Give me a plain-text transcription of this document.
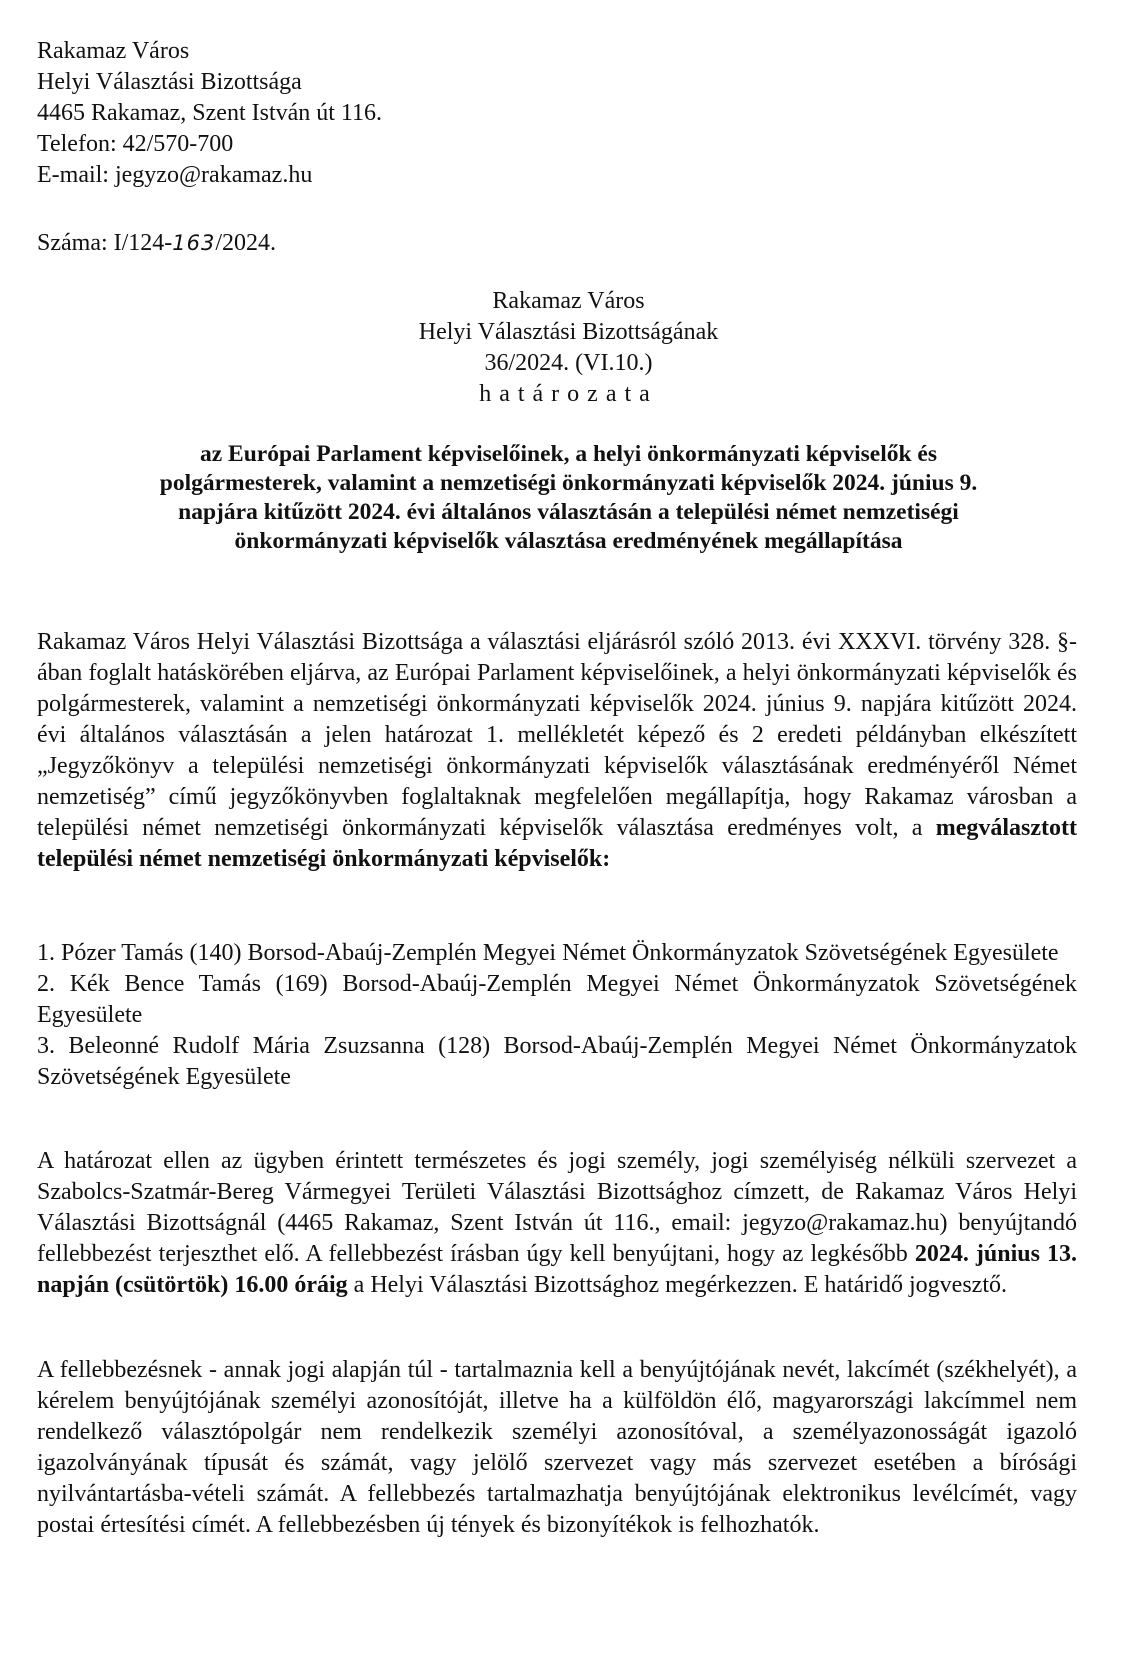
Rakamaz Város
Helyi Választási Bizottsága
4465 Rakamaz, Szent István út 116.
Telefon: 42/570-700
E-mail: jegyzo@rakamaz.hu
Száma: I/124-163/2024.
Rakamaz Város
Helyi Választási Bizottságának
36/2024. (VI.10.)
határozata
az Európai Parlament képviselőinek, a helyi önkormányzati képviselők és
polgármesterek, valamint a nemzetiségi önkormányzati képviselők 2024. június 9.
napjára kitűzött 2024. évi általános választásán a települési német nemzetiségi
önkormányzati képviselők választása eredményének megállapítása
Rakamaz Város Helyi Választási Bizottsága a választási eljárásról szóló 2013. évi XXXVI. törvény 328. §-ában foglalt hatáskörében eljárva, az Európai Parlament képviselőinek, a helyi önkormányzati képviselők és polgármesterek, valamint a nemzetiségi önkormányzati képviselők 2024. június 9. napjára kitűzött 2024. évi általános választásán a jelen határozat 1. mellékletét képező és 2 eredeti példányban elkészített „Jegyzőkönyv a települési nemzetiségi önkormányzati képviselők választásának eredményéről Német nemzetiség” című jegyzőkönyvben foglaltaknak megfelelően megállapítja, hogy Rakamaz városban a települési német nemzetiségi önkormányzati képviselők választása eredményes volt, a megválasztott települési német nemzetiségi önkormányzati képviselők:
1. Pózer Tamás (140) Borsod-Abaúj-Zemplén Megyei Német Önkormányzatok Szövetségének Egyesülete
2. Kék Bence Tamás (169) Borsod-Abaúj-Zemplén Megyei Német Önkormányzatok Szövetségének Egyesülete
3. Beleonné Rudolf Mária Zsuzsanna (128) Borsod-Abaúj-Zemplén Megyei Német Önkormányzatok Szövetségének Egyesülete
A határozat ellen az ügyben érintett természetes és jogi személy, jogi személyiség nélküli szervezet a Szabolcs-Szatmár-Bereg Vármegyei Területi Választási Bizottsághoz címzett, de Rakamaz Város Helyi Választási Bizottságnál (4465 Rakamaz, Szent István út 116., email: jegyzo@rakamaz.hu) benyújtandó fellebbezést terjeszthet elő. A fellebbezést írásban úgy kell benyújtani, hogy az legkésőbb 2024. június 13. napján (csütörtök) 16.00 óráig a Helyi Választási Bizottsághoz megérkezzen. E határidő jogvesztő.
A fellebbezésnek - annak jogi alapján túl - tartalmaznia kell a benyújtójának nevét, lakcímét (székhelyét), a kérelem benyújtójának személyi azonosítóját, illetve ha a külföldön élő, magyarországi lakcímmel nem rendelkező választópolgár nem rendelkezik személyi azonosítóval, a személyazonosságát igazoló igazolványának típusát és számát, vagy jelölő szervezet vagy más szervezet esetében a bírósági nyilvántartásba-vételi számát. A fellebbezés tartalmazhatja benyújtójának elektronikus levélcímét, vagy postai értesítési címét. A fellebbezésben új tények és bizonyítékok is felhozhatók.
